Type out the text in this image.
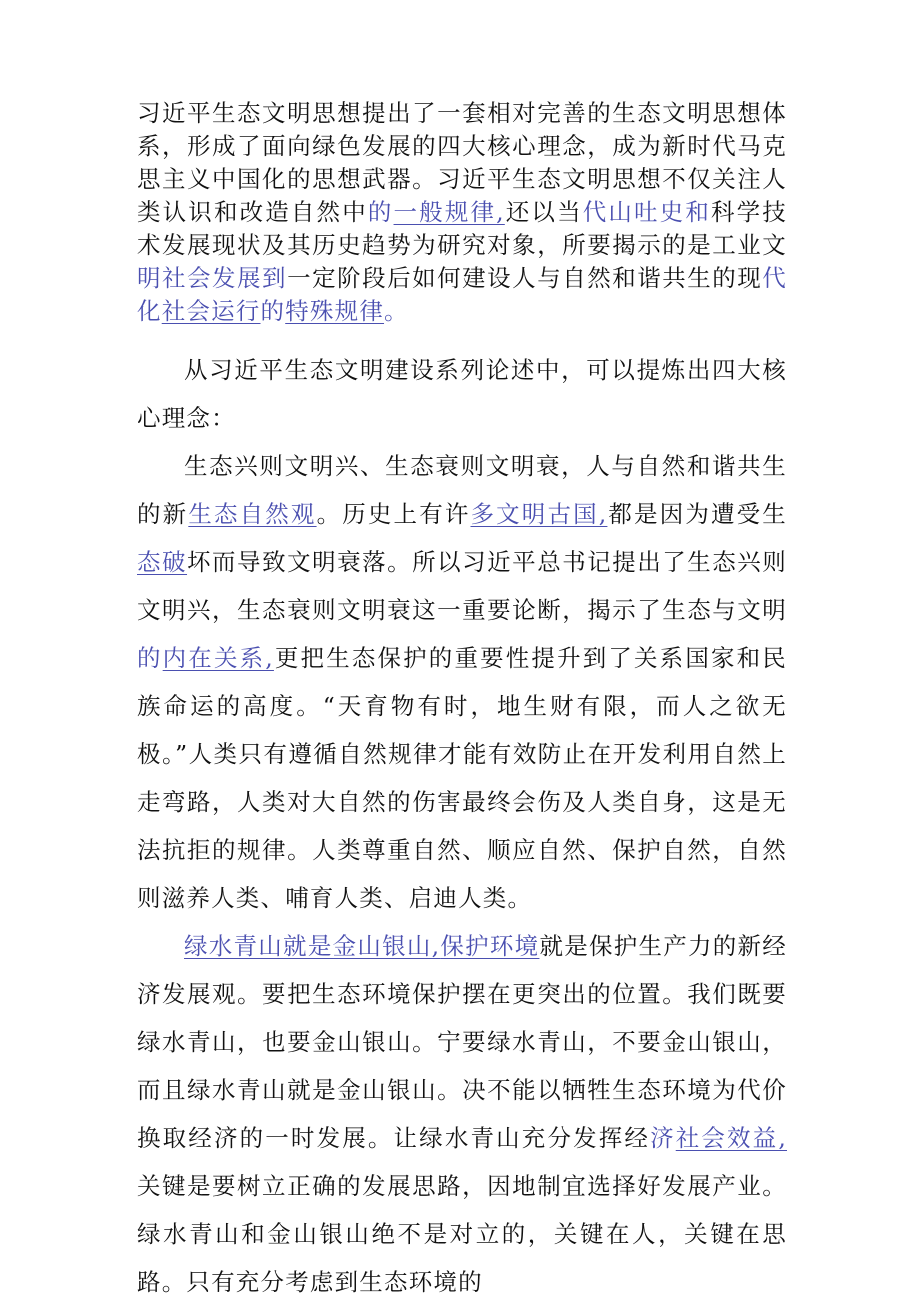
习近平生态文明思想提出了一套相对完善的生态文明思想体系，形成了面向绿色发展的四大核心理念，成为新时代马克思主义中国化的思想武器。习近平生态文明思想不仅关注人类认识和改造自然中的一般规律,还以当代山吐史和科学技术发展现状及其历史趋势为研究对象，所要揭示的是工业文明社会发展到一定阶段后如何建设人与自然和谐共生的现代化社会运行的特殊规律。

从习近平生态文明建设系列论述中，可以提炼出四大核心理念：

生态兴则文明兴、生态衰则文明衰，人与自然和谐共生的新生态自然观。历史上有许多文明古国,都是因为遭受生态破坏而导致文明衰落。所以习近平总书记提出了生态兴则文明兴，生态衰则文明衰这一重要论断，揭示了生态与文明的内在关系,更把生态保护的重要性提升到了关系国家和民族命运的高度。“天育物有时，地生财有限，而人之欲无极。”人类只有遵循自然规律才能有效防止在开发利用自然上走弯路，人类对大自然的伤害最终会伤及人类自身，这是无法抗拒的规律。人类尊重自然、顺应自然、保护自然，自然则滋养人类、哺育人类、启迪人类。

绿水青山就是金山银山,保护环境就是保护生产力的新经济发展观。要把生态环境保护摆在更突出的位置。我们既要绿水青山，也要金山银山。宁要绿水青山，不要金山银山，而且绿水青山就是金山银山。决不能以牺牲生态环境为代价换取经济的一时发展。让绿水青山充分发挥经济社会效益,关键是要树立正确的发展思路，因地制宜选择好发展产业。绿水青山和金山银山绝不是对立的，关键在人，关键在思路。只有充分考虑到生态环境的
